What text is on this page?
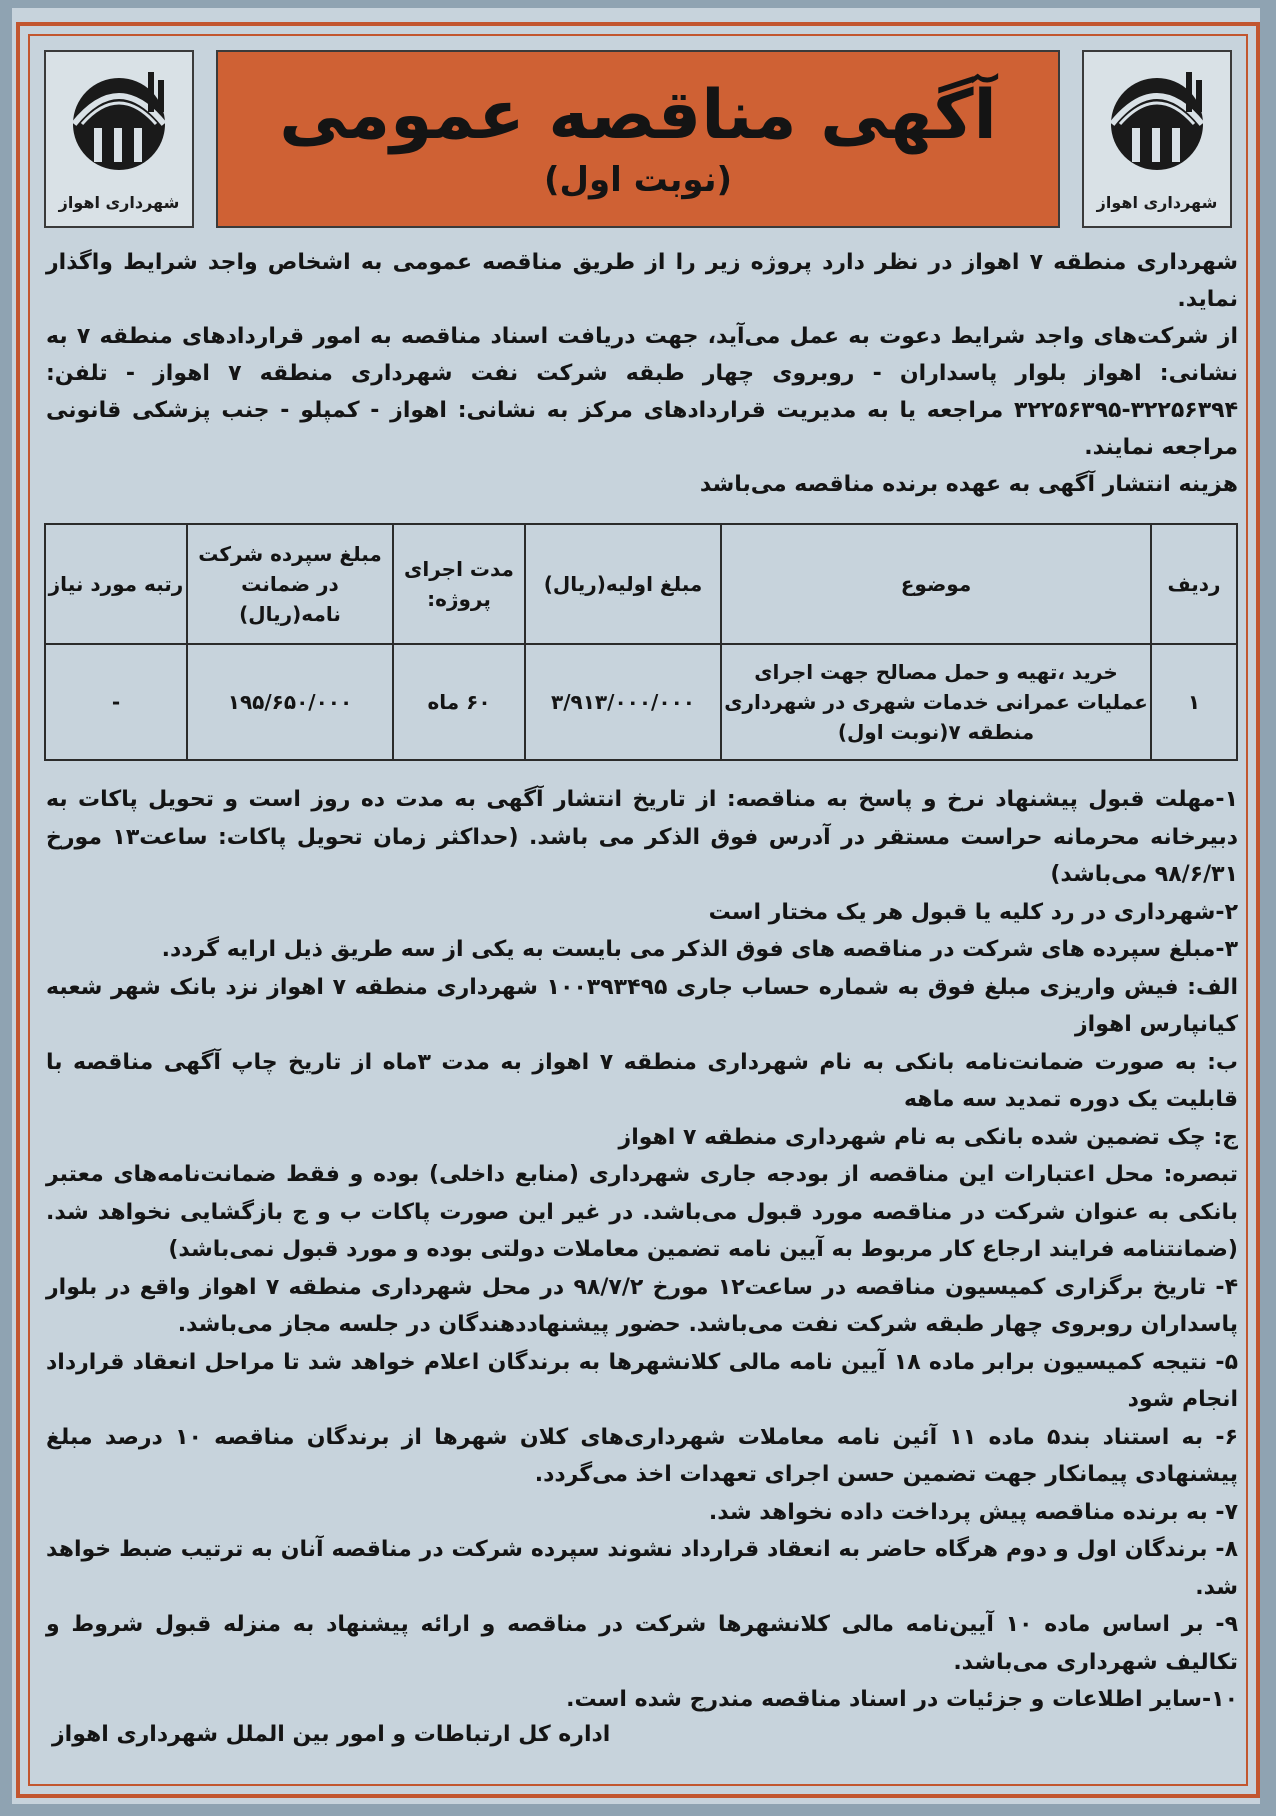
شهرداری اهواز
آگهی مناقصه عمومی
(نوبت اول)
شهرداری اهواز

شهرداری منطقه ۷ اهواز در نظر دارد پروژه زیر را از طریق مناقصه عمومی به اشخاص واجد شرایط واگذار نماید.

از شرکت‌های واجد شرایط دعوت به عمل می‌آید، جهت دریافت اسناد مناقصه به امور قراردادهای منطقه ۷ به نشانی: اهواز بلوار پاسداران - روبروی چهار طبقه شرکت نفت شهرداری منطقه ۷ اهواز - تلفن: ۳۲۲۵۶۳۹۴-۳۲۲۵۶۳۹۵ مراجعه یا به مدیریت قراردادهای مرکز به نشانی: اهواز - کمپلو - جنب پزشکی قانونی مراجعه نمایند.

هزینه انتشار آگهی به عهده برنده مناقصه می‌باشد

ردیف	موضوع	مبلغ اولیه(ریال)	مدت اجرای پروژه:	مبلغ سپرده شرکت در ضمانت نامه(ریال)	رتبه مورد نیاز
۱	خرید ،تهیه و حمل مصالح جهت اجرای عملیات عمرانی خدمات شهری در شهرداری منطقه ۷(نوبت اول)	۳/۹۱۳/۰۰۰/۰۰۰	۶۰ ماه	۱۹۵/۶۵۰/۰۰۰	-

۱-مهلت قبول پیشنهاد نرخ و پاسخ به مناقصه: از تاریخ انتشار آگهی به مدت ده روز است و تحویل پاکات به دبیرخانه محرمانه حراست مستقر در آدرس فوق الذکر می باشد. (حداکثر زمان تحویل پاکات: ساعت۱۳ مورخ ۹۸/۶/۳۱ می‌باشد)

۲-شهرداری در رد کلیه یا قبول هر یک مختار است

۳-مبلغ سپرده های شرکت در مناقصه های فوق الذکر می بایست به یکی از سه طریق ذیل ارایه گردد.

الف: فیش واریزی مبلغ فوق به شماره حساب جاری ۱۰۰۳۹۳۴۹۵ شهرداری منطقه ۷ اهواز نزد بانک شهر شعبه کیانپارس اهواز

ب: به صورت ضمانت‌نامه بانکی به نام شهرداری منطقه ۷ اهواز به مدت ۳ماه از تاریخ چاپ آگهی مناقصه با قابلیت یک دوره تمدید سه ماهه

ج: چک تضمین شده بانکی به نام شهرداری منطقه ۷ اهواز

تبصره: محل اعتبارات این مناقصه از بودجه جاری شهرداری (منابع داخلی) بوده و فقط ضمانت‌نامه‌های معتبر بانکی به عنوان شرکت در مناقصه مورد قبول می‌باشد. در غیر این صورت پاکات ب و ج بازگشایی نخواهد شد. (ضمانتنامه فرایند ارجاع کار مربوط به آیین نامه تضمین معاملات دولتی بوده و مورد قبول نمی‌باشد)

۴- تاریخ برگزاری کمیسیون مناقصه در ساعت۱۲ مورخ ۹۸/۷/۲ در محل شهرداری منطقه ۷ اهواز واقع در بلوار پاسداران روبروی چهار طبقه شرکت نفت می‌باشد. حضور پیشنهاددهندگان در جلسه مجاز می‌باشد.

۵- نتیجه کمیسیون برابر ماده ۱۸ آیین نامه مالی کلانشهرها به برندگان اعلام خواهد شد تا مراحل انعقاد قرارداد انجام شود

۶- به استناد بند۵ ماده ۱۱ آئین نامه معاملات شهرداری‌های کلان شهرها از برندگان مناقصه ۱۰ درصد مبلغ پیشنهادی پیمانکار جهت تضمین حسن اجرای تعهدات اخذ می‌گردد.

۷- به برنده مناقصه پیش پرداخت داده نخواهد شد.

۸- برندگان اول و دوم هرگاه حاضر به انعقاد قرارداد نشوند سپرده شرکت در مناقصه آنان به ترتیب ضبط خواهد شد.

۹- بر اساس ماده ۱۰ آیین‌نامه مالی کلانشهرها شرکت در مناقصه و ارائه پیشنهاد به منزله قبول شروط و تکالیف شهرداری می‌باشد.

۱۰-سایر اطلاعات و جزئیات در اسناد مناقصه مندرج شده است.

اداره کل ارتباطات و امور بین الملل شهرداری اهواز
